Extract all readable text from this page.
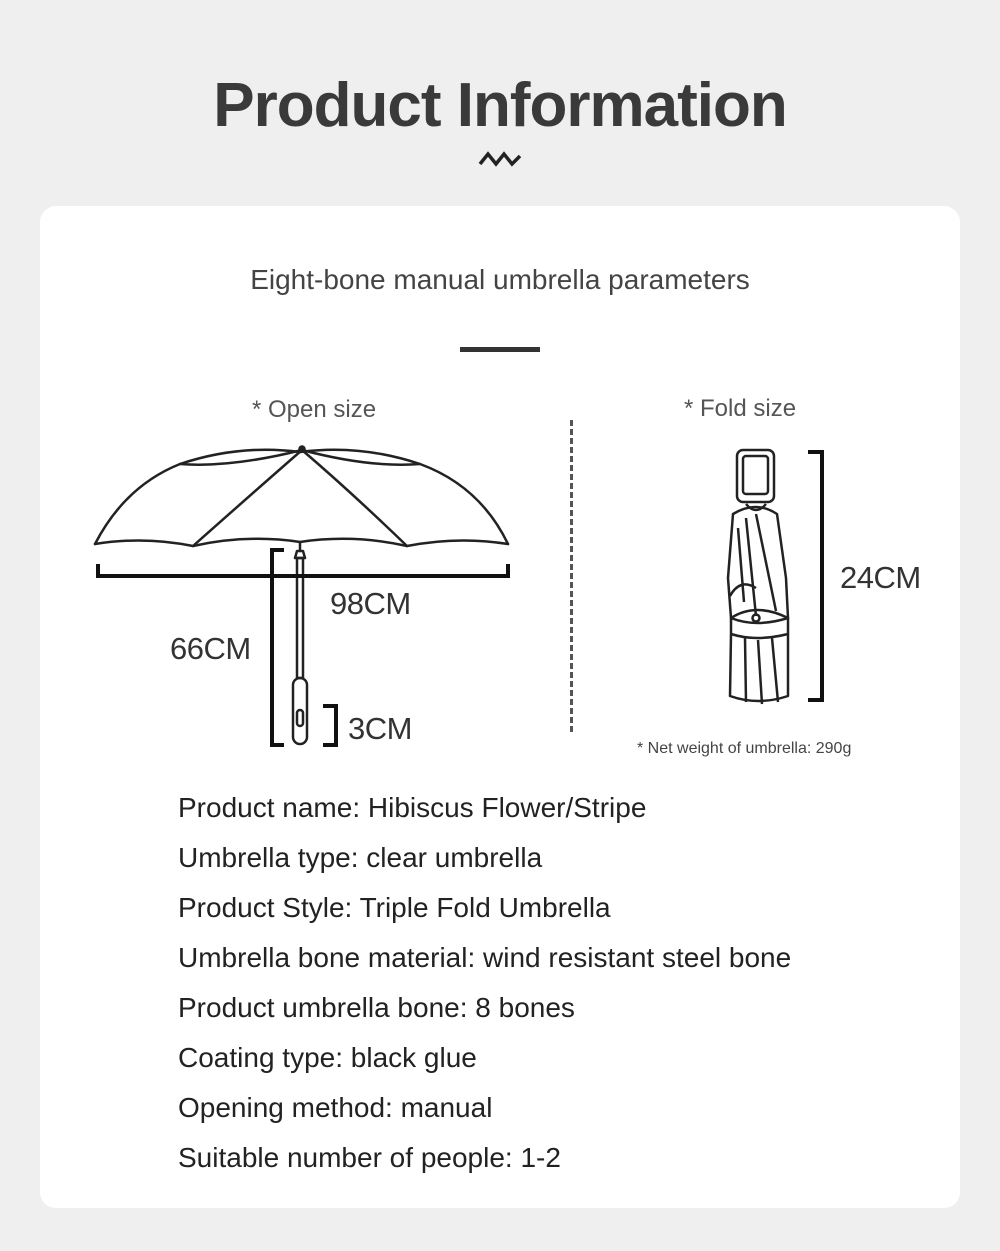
Product Information

Eight-bone manual umbrella parameters

* Open size	* Fold size
98CM
66CM
3CM
24CM
* Net weight of umbrella: 290g
Product name: Hibiscus Flower/Stripe
Umbrella type: clear umbrella
Product Style: Triple Fold Umbrella
Umbrella bone material: wind resistant steel bone
Product umbrella bone: 8 bones
Coating type: black glue
Opening method: manual
Suitable number of people: 1-2
